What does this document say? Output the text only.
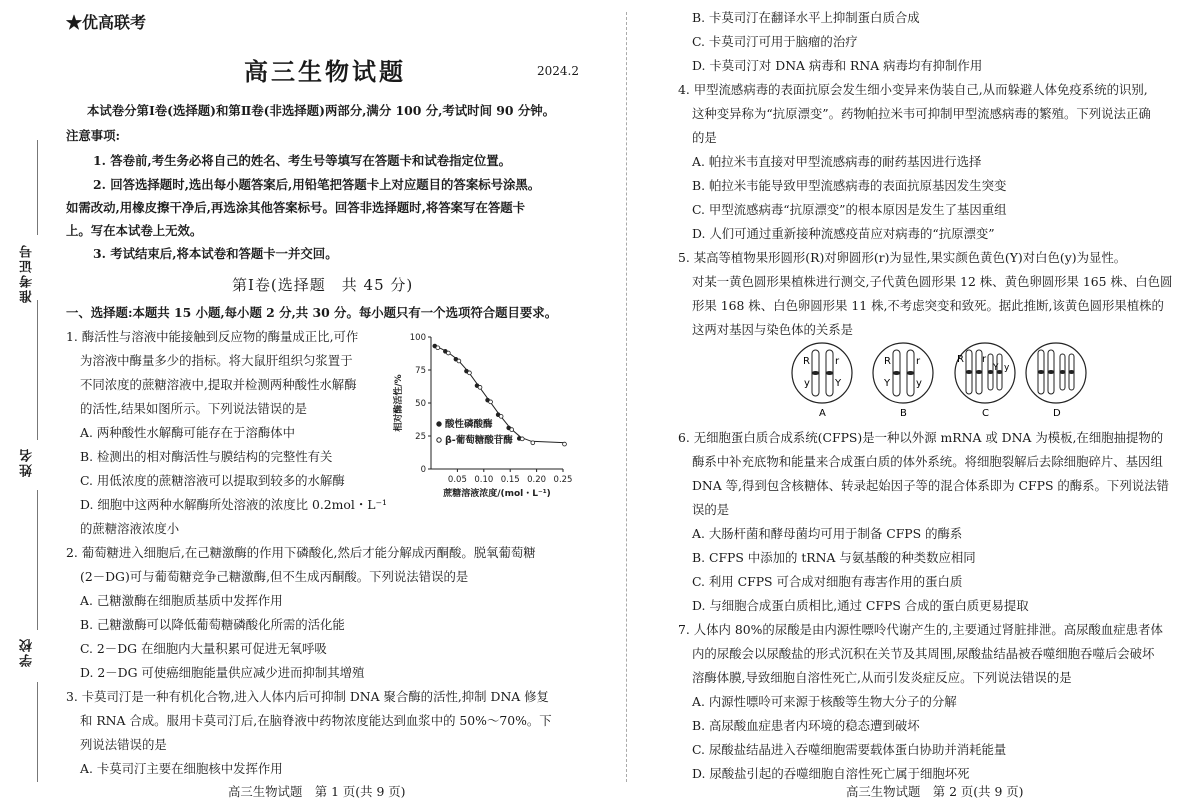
准考证号
姓名
学校
★优高联考
高三生物试题	2024.2
本试卷分第Ⅰ卷(选择题)和第Ⅱ卷(非选择题)两部分,满分 100 分,考试时间 90 分钟。
注意事项:
1. 答卷前,考生务必将自己的姓名、考生号等填写在答题卡和试卷指定位置。
2. 回答选择题时,选出每小题答案后,用铅笔把答题卡上对应题目的答案标号涂黑。
如需改动,用橡皮擦干净后,再选涂其他答案标号。回答非选择题时,将答案写在答题卡
上。写在本试卷上无效。
3. 考试结束后,将本试卷和答题卡一并交回。
第Ⅰ卷(选择题　共 45 分)
一、选择题:本题共 15 小题,每小题 2 分,共 30 分。每小题只有一个选项符合题目要求。
1. 酶活性与溶液中能接触到反应物的酶量成正比,可作
为溶液中酶量多少的指标。将大鼠肝组织匀浆置于
不同浓度的蔗糖溶液中,提取并检测两种酸性水解酶
的活性,结果如图所示。下列说法错误的是
A. 两种酸性水解酶可能存在于溶酶体中
B. 检测出的相对酶活性与膜结构的完整性有关
C. 用低浓度的蔗糖溶液可以提取到较多的水解酶
D. 细胞中这两种水解酶所处溶液的浓度比 0.2mol・L⁻¹
的蔗糖溶液浓度小
0
25
50
75
100
0.05 0.10 0.15 0.20 0.25
蔗糖溶液浓度/(mol・L⁻¹)
相对酶活性/%	酸性磷酸酶
β-葡萄糖酸苷酶
2. 葡萄糖进入细胞后,在己糖激酶的作用下磷酸化,然后才能分解成丙酮酸。脱氧葡萄糖
(2－DG)可与葡萄糖竞争己糖激酶,但不生成丙酮酸。下列说法错误的是
A. 己糖激酶在细胞质基质中发挥作用
B. 己糖激酶可以降低葡萄糖磷酸化所需的活化能
C. 2－DG 在细胞内大量积累可促进无氧呼吸
D. 2－DG 可使癌细胞能量供应减少进而抑制其增殖
3. 卡莫司汀是一种有机化合物,进入人体内后可抑制 DNA 聚合酶的活性,抑制 DNA 修复
和 RNA 合成。服用卡莫司汀后,在脑脊液中药物浓度能达到血浆中的 50%～70%。下
列说法错误的是
A. 卡莫司汀主要在细胞核中发挥作用
高三生物试题　第 1 页(共 9 页)
B. 卡莫司汀在翻译水平上抑制蛋白质合成
C. 卡莫司汀可用于脑瘤的治疗
D. 卡莫司汀对 DNA 病毒和 RNA 病毒均有抑制作用
4. 甲型流感病毒的表面抗原会发生细小变异来伪装自己,从而躲避人体免疫系统的识别,
这种变异称为“抗原漂变”。药物帕拉米韦可抑制甲型流感病毒的繁殖。下列说法正确
的是
A. 帕拉米韦直接对甲型流感病毒的耐药基因进行选择
B. 帕拉米韦能导致甲型流感病毒的表面抗原基因发生突变
C. 甲型流感病毒“抗原漂变”的根本原因是发生了基因重组
D. 人们可通过重新接种流感疫苗应对病毒的“抗原漂变”
5. 某高等植物果形圆形(R)对卵圆形(r)为显性,果实颜色黄色(Y)对白色(y)为显性。
对某一黄色圆形果植株进行测交,子代黄色圆形果 12 株、黄色卵圆形果 165 株、白色圆
形果 168 株、白色卵圆形果 11 株,不考虑突变和致死。据此推断,该黄色圆形果植株的
这两对基因与染色体的关系是
R	r
y	Y
A
R	r
Y	y
B
R r
Y y
C	D
6. 无细胞蛋白质合成系统(CFPS)是一种以外源 mRNA 或 DNA 为模板,在细胞抽提物的
酶系中补充底物和能量来合成蛋白质的体外系统。将细胞裂解后去除细胞碎片、基因组
DNA 等,得到包含核糖体、转录起始因子等的混合体系即为 CFPS 的酶系。下列说法错
误的是
A. 大肠杆菌和酵母菌均可用于制备 CFPS 的酶系
B. CFPS 中添加的 tRNA 与氨基酸的种类数应相同
C. 利用 CFPS 可合成对细胞有毒害作用的蛋白质
D. 与细胞合成蛋白质相比,通过 CFPS 合成的蛋白质更易提取
7. 人体内 80%的尿酸是由内源性嘌呤代谢产生的,主要通过肾脏排泄。高尿酸血症患者体
内的尿酸会以尿酸盐的形式沉积在关节及其周围,尿酸盐结晶被吞噬细胞吞噬后会破坏
溶酶体膜,导致细胞自溶性死亡,从而引发炎症反应。下列说法错误的是
A. 内源性嘌呤可来源于核酸等生物大分子的分解
B. 高尿酸血症患者内环境的稳态遭到破坏
C. 尿酸盐结晶进入吞噬细胞需要载体蛋白协助并消耗能量
D. 尿酸盐引起的吞噬细胞自溶性死亡属于细胞坏死
高三生物试题　第 2 页(共 9 页)
